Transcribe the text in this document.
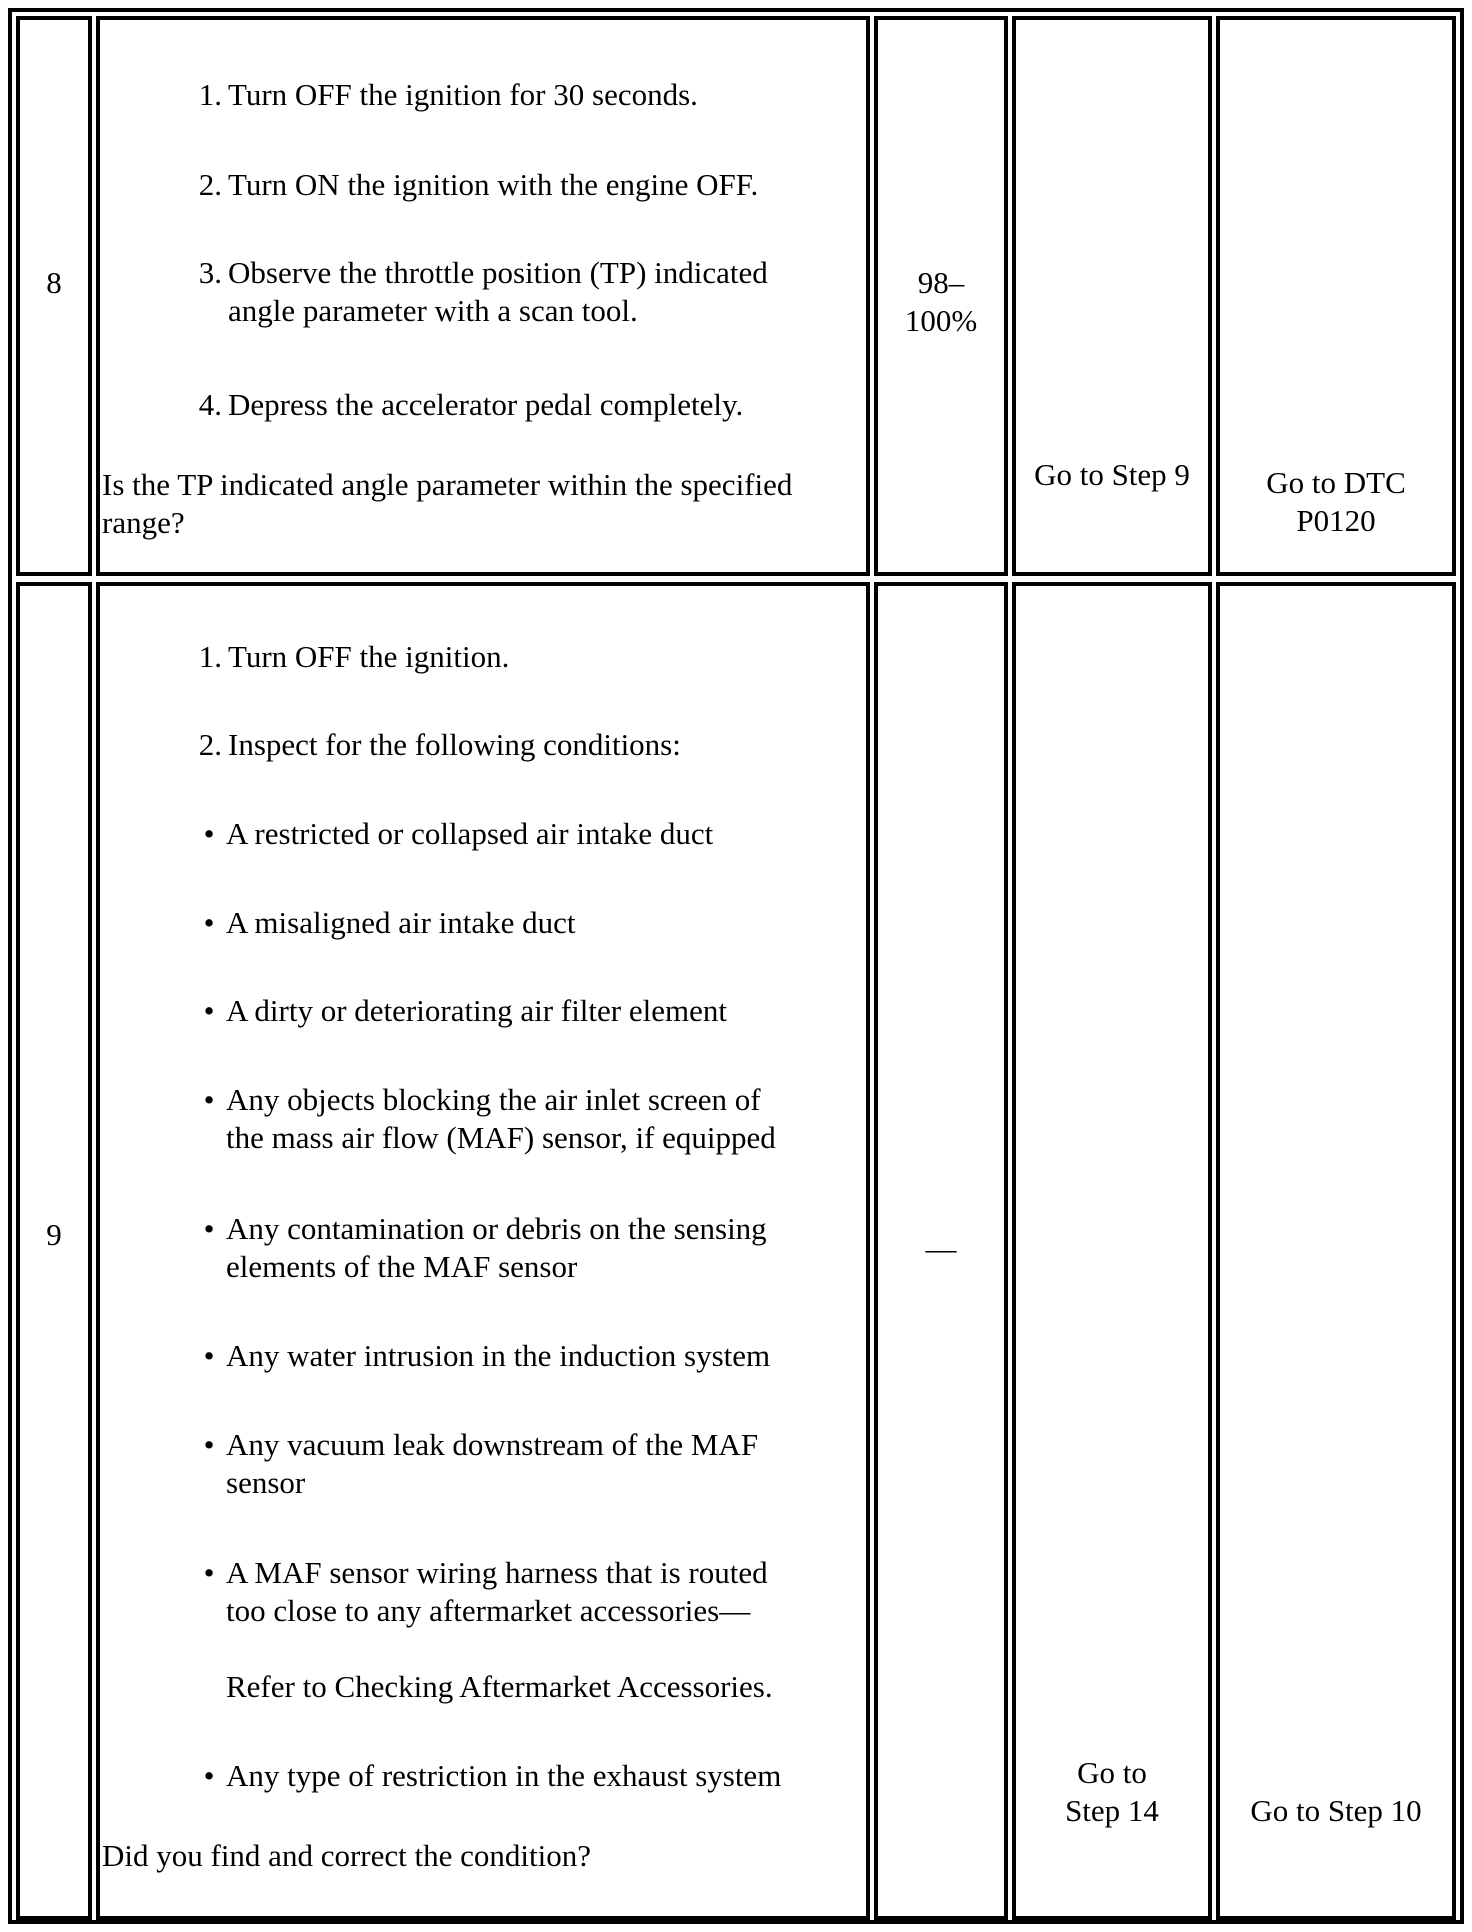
8
1. Turn OFF the ignition for 30 seconds.
2. Turn ON the ignition with the engine OFF.
3. Observe the throttle position (TP) indicated
angle parameter with a scan tool.
4. Depress the accelerator pedal completely.
Is the TP indicated angle parameter within the specified
range?
98–
100%
Go to Step 9	Go to DTC
P0120
9
1. Turn OFF the ignition.
2. Inspect for the following conditions:
• A restricted or collapsed air intake duct
• A misaligned air intake duct
• A dirty or deteriorating air filter element
• Any objects blocking the air inlet screen of
the mass air flow (MAF) sensor, if equipped
• Any contamination or debris on the sensing
elements of the MAF sensor
• Any water intrusion in the induction system
• Any vacuum leak downstream of the MAF
sensor
• A MAF sensor wiring harness that is routed
too close to any aftermarket accessories—
Refer to Checking Aftermarket Accessories.
• Any type of restriction in the exhaust system
Did you find and correct the condition?
—
Go to
Step 14	Go to Step 10
